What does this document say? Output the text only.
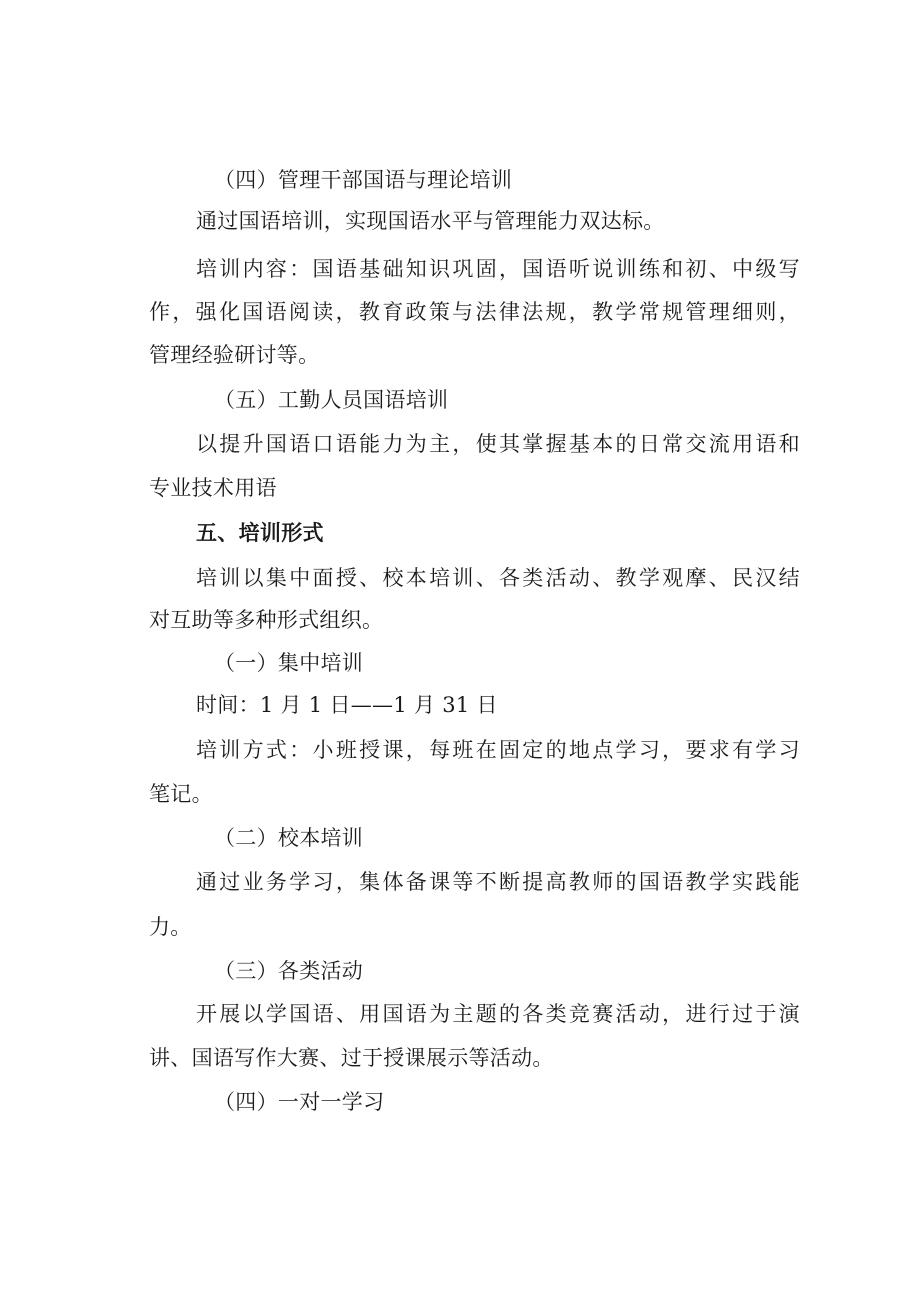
（四）管理干部国语与理论培训
通过国语培训，实现国语水平与管理能力双达标。
培训内容：国语基础知识巩固，国语听说训练和初、中级写
作，强化国语阅读，教育政策与法律法规，教学常规管理细则，
管理经验研讨等。
（五）工勤人员国语培训
以提升国语口语能力为主，使其掌握基本的日常交流用语和
专业技术用语
五、培训形式
培训以集中面授、校本培训、各类活动、教学观摩、民汉结
对互助等多种形式组织。
（一）集中培训
时间：1 月 1 日——1 月 31 日
培训方式：小班授课，每班在固定的地点学习，要求有学习
笔记。
（二）校本培训
通过业务学习，集体备课等不断提高教师的国语教学实践能
力。
（三）各类活动
开展以学国语、用国语为主题的各类竞赛活动，进行过于演
讲、国语写作大赛、过于授课展示等活动。
（四）一对一学习
